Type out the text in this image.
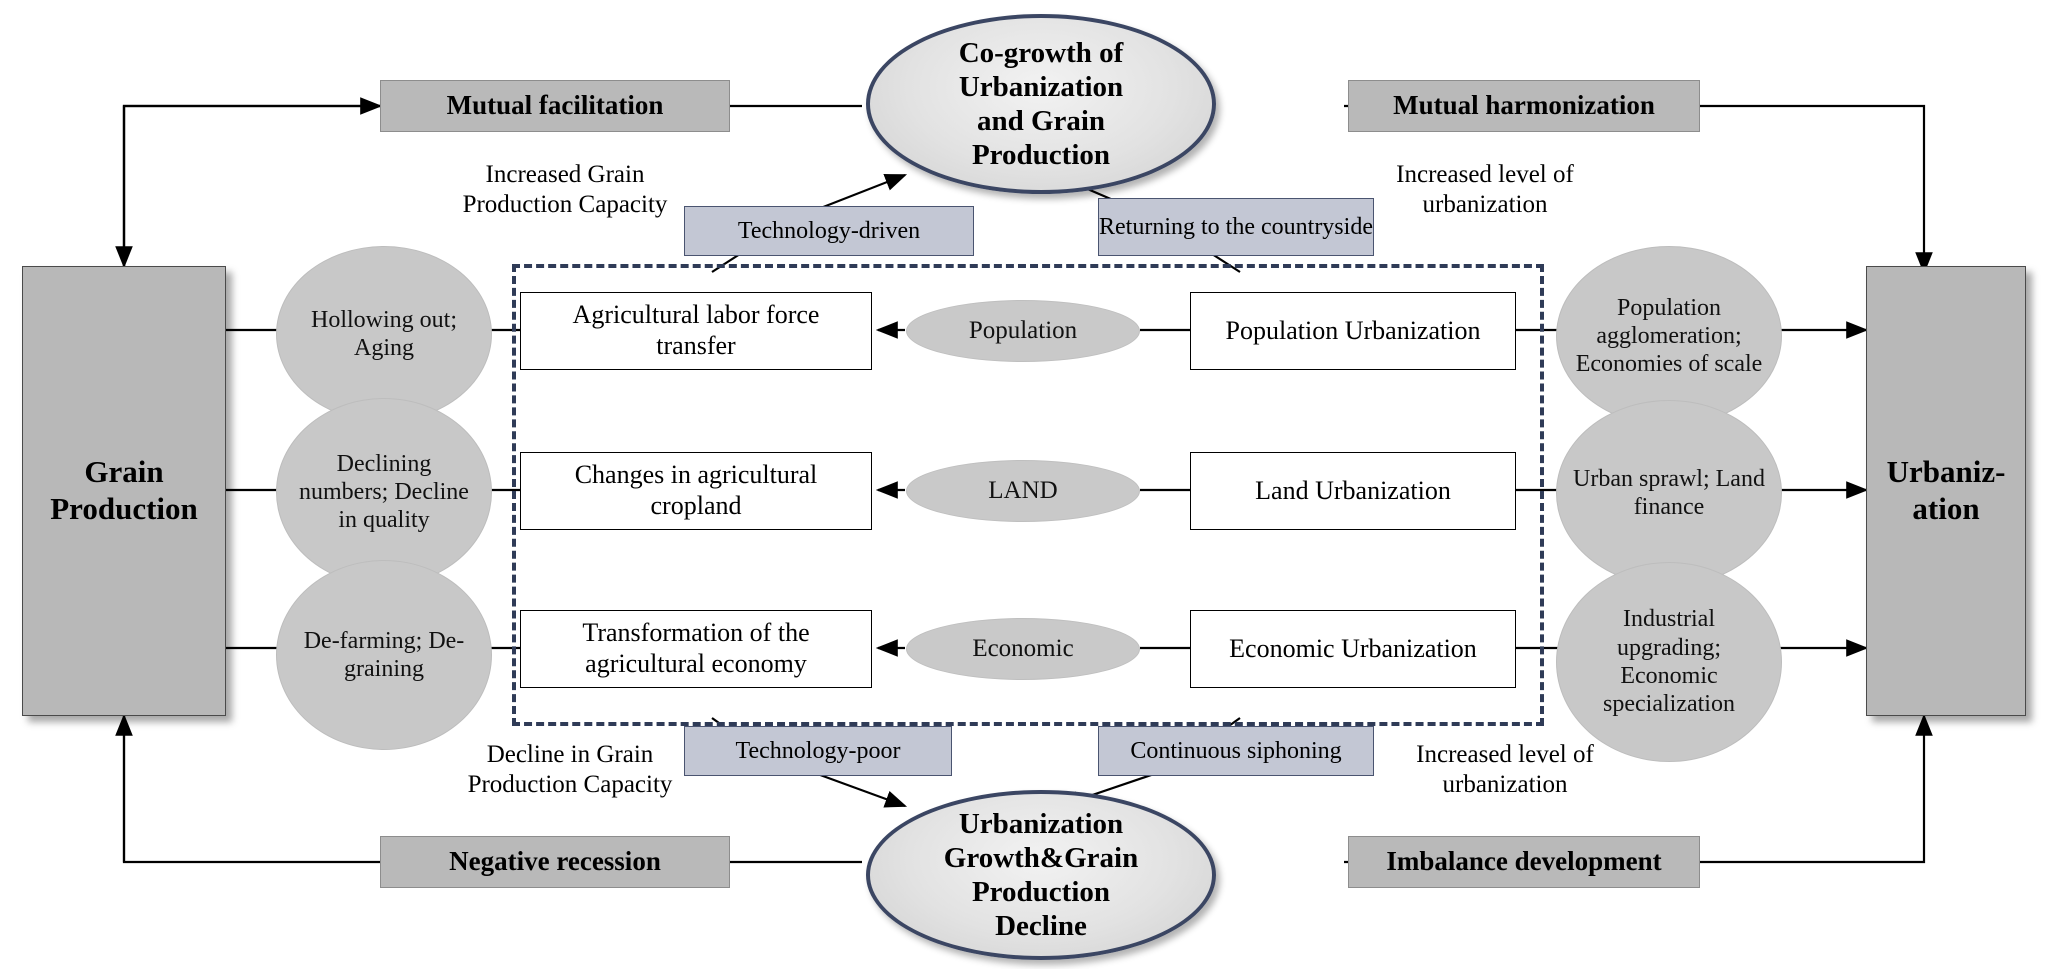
Grain Production
Urbaniz-ation
Mutual facilitation	Mutual harmonization
Negative recession	Imbalance development
Co-growth of
Urbanization
and Grain
Production
Urbanization
Growth&Grain
Production
Decline
Technology-driven	Returning to the countryside
Technology-poor	Continuous siphoning
Increased Grain Production Capacity
Increased level of urbanization
Decline in Grain Production Capacity
Increased level of urbanization
Hollowing out; Aging
Declining numbers; Decline in quality
De-farming; De-graining
Population agglomeration; Economies of scale
Urban sprawl; Land finance
Industrial upgrading; Economic specialization
Agricultural labor force transfer
Changes in agricultural cropland
Transformation of the agricultural economy
Population
LAND
Economic
Population Urbanization
Land Urbanization
Economic Urbanization
